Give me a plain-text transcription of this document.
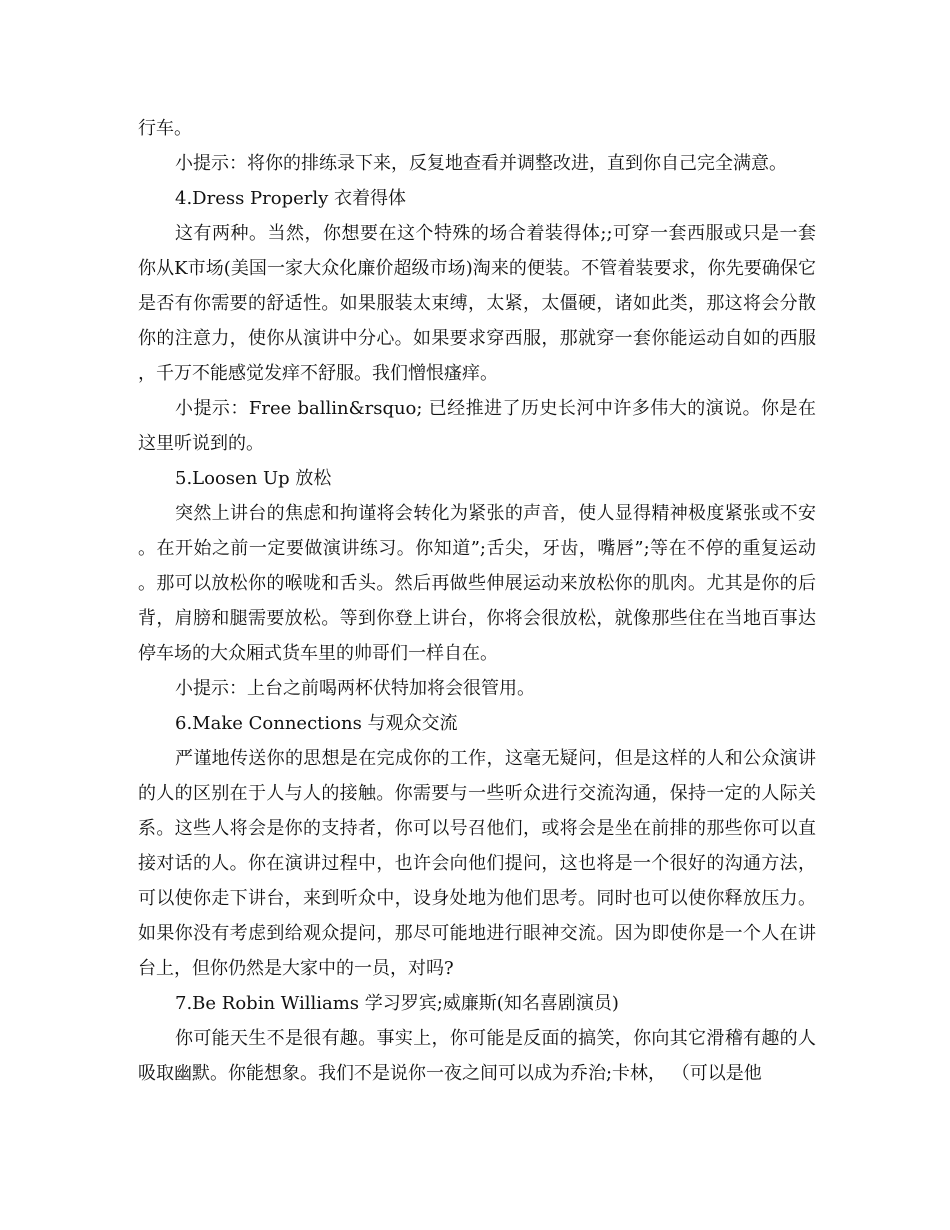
行车。

小提示：将你的排练录下来，反复地查看并调整改进，直到你自己完全满意。

4.Dress Properly 衣着得体

这有两种。当然，你想要在这个特殊的场合着装得体;;可穿一套西服或只是一套你从K市场(美国一家大众化廉价超级市场)淘来的便装。不管着装要求，你先要确保它是否有你需要的舒适性。如果服装太束缚，太紧，太僵硬，诸如此类，那这将会分散你的注意力，使你从演讲中分心。如果要求穿西服，那就穿一套你能运动自如的西服，千万不能感觉发痒不舒服。我们憎恨瘙痒。

小提示：Free ballin&rsquo; 已经推进了历史长河中许多伟大的演说。你是在这里听说到的。

5.Loosen Up 放松

突然上讲台的焦虑和拘谨将会转化为紧张的声音，使人显得精神极度紧张或不安。在开始之前一定要做演讲练习。你知道”;舌尖，牙齿，嘴唇”;等在不停的重复运动。那可以放松你的喉咙和舌头。然后再做些伸展运动来放松你的肌肉。尤其是你的后背，肩膀和腿需要放松。等到你登上讲台，你将会很放松，就像那些住在当地百事达停车场的大众厢式货车里的帅哥们一样自在。

小提示：上台之前喝两杯伏特加将会很管用。

6.Make Connections 与观众交流

严谨地传送你的思想是在完成你的工作，这毫无疑问，但是这样的人和公众演讲的人的区别在于人与人的接触。你需要与一些听众进行交流沟通，保持一定的人际关系。这些人将会是你的支持者，你可以号召他们，或将会是坐在前排的那些你可以直接对话的人。你在演讲过程中，也许会向他们提问，这也将是一个很好的沟通方法，可以使你走下讲台，来到听众中，设身处地为他们思考。同时也可以使你释放压力。如果你没有考虑到给观众提问，那尽可能地进行眼神交流。因为即使你是一个人在讲台上，但你仍然是大家中的一员，对吗?

7.Be Robin Williams 学习罗宾;威廉斯(知名喜剧演员)

你可能天生不是很有趣。事实上，你可能是反面的搞笑，你向其它滑稽有趣的人吸取幽默。你能想象。我们不是说你一夜之间可以成为乔治;卡林， （可以是他
